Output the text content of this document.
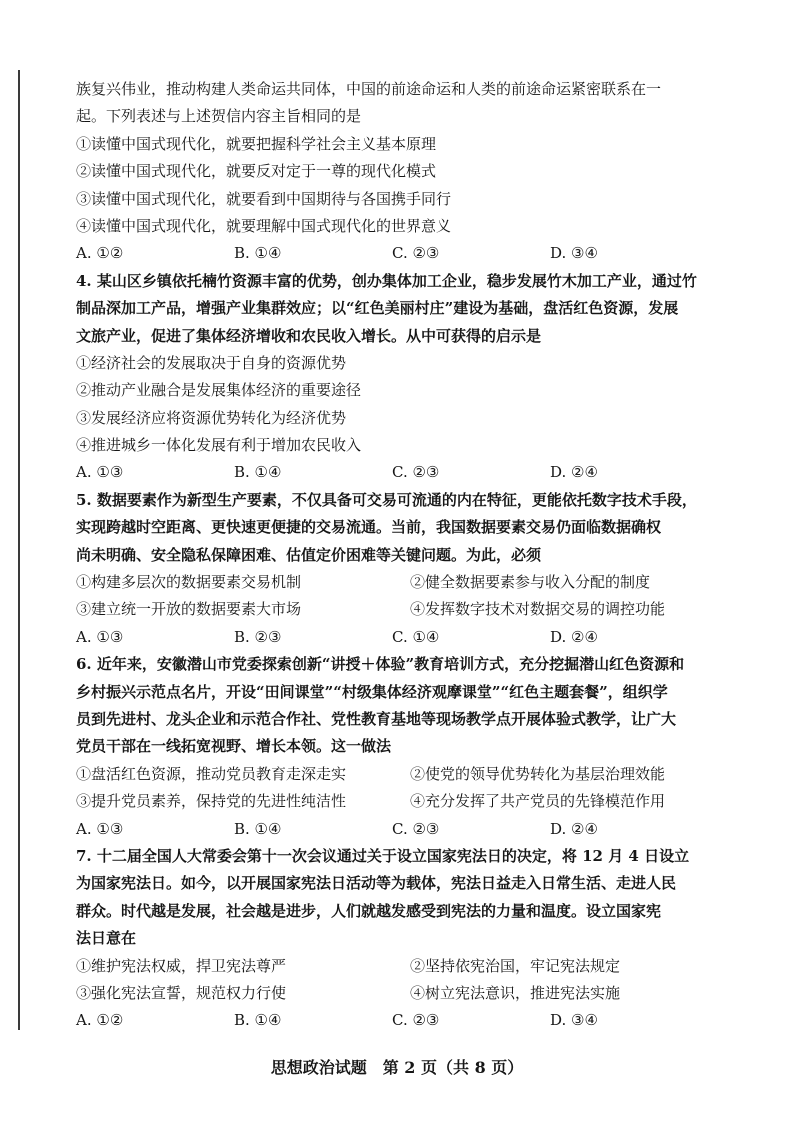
族复兴伟业，推动构建人类命运共同体，中国的前途命运和人类的前途命运紧密联系在一
起。下列表述与上述贺信内容主旨相同的是
①读懂中国式现代化，就要把握科学社会主义基本原理
②读懂中国式现代化，就要反对定于一尊的现代化模式
③读懂中国式现代化，就要看到中国期待与各国携手同行
④读懂中国式现代化，就要理解中国式现代化的世界意义
A. ①②	B. ①④	C. ②③	D. ③④
4. 某山区乡镇依托楠竹资源丰富的优势，创办集体加工企业，稳步发展竹木加工产业，通过竹
制品深加工产品，增强产业集群效应；以“红色美丽村庄”建设为基础，盘活红色资源，发展
文旅产业，促进了集体经济增收和农民收入增长。从中可获得的启示是
①经济社会的发展取决于自身的资源优势
②推动产业融合是发展集体经济的重要途径
③发展经济应将资源优势转化为经济优势
④推进城乡一体化发展有利于增加农民收入
A. ①③	B. ①④	C. ②③	D. ②④
5. 数据要素作为新型生产要素，不仅具备可交易可流通的内在特征，更能依托数字技术手段，
实现跨越时空距离、更快速更便捷的交易流通。当前，我国数据要素交易仍面临数据确权
尚未明确、安全隐私保障困难、估值定价困难等关键问题。为此，必须
①构建多层次的数据要素交易机制	②健全数据要素参与收入分配的制度
③建立统一开放的数据要素大市场	④发挥数字技术对数据交易的调控功能
A. ①③	B. ②③	C. ①④	D. ②④
6. 近年来，安徽潜山市党委探索创新“讲授＋体验”教育培训方式，充分挖掘潜山红色资源和
乡村振兴示范点名片，开设“田间课堂”“村级集体经济观摩课堂”“红色主题套餐”，组织学
员到先进村、龙头企业和示范合作社、党性教育基地等现场教学点开展体验式教学，让广大
党员干部在一线拓宽视野、增长本领。这一做法
①盘活红色资源，推动党员教育走深走实	②使党的领导优势转化为基层治理效能
③提升党员素养，保持党的先进性纯洁性	④充分发挥了共产党员的先锋模范作用
A. ①③	B. ①④	C. ②③	D. ②④
7. 十二届全国人大常委会第十一次会议通过关于设立国家宪法日的决定，将 12 月 4 日设立
为国家宪法日。如今，以开展国家宪法日活动等为载体，宪法日益走入日常生活、走进人民
群众。时代越是发展，社会越是进步，人们就越发感受到宪法的力量和温度。设立国家宪
法日意在
①维护宪法权威，捍卫宪法尊严	②坚持依宪治国，牢记宪法规定
③强化宪法宣誓，规范权力行使	④树立宪法意识，推进宪法实施
A. ①②	B. ①④	C. ②③	D. ③④
思想政治试题　第 2 页（共 8 页）
